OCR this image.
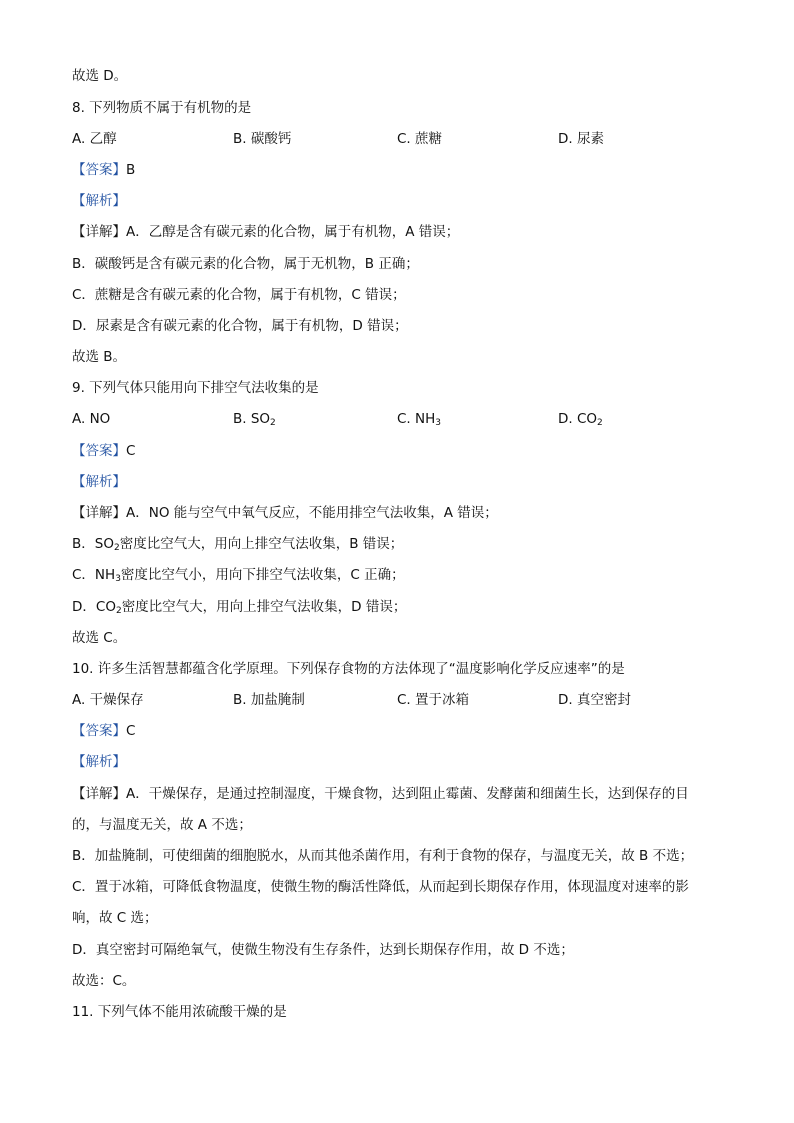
故选 D。
8. 下列物质不属于有机物的是
A. 乙醇	B. 碳酸钙	C. 蔗糖	D. 尿素
【答案】B
【解析】
【详解】A．乙醇是含有碳元素的化合物，属于有机物，A 错误；
B．碳酸钙是含有碳元素的化合物，属于无机物，B 正确；
C．蔗糖是含有碳元素的化合物，属于有机物，C 错误；
D．尿素是含有碳元素的化合物，属于有机物，D 错误；
故选 B。
9. 下列气体只能用向下排空气法收集的是
A. NO	B. $SO_2$	C. $NH_3$	D. $CO_2$
【答案】C
【解析】
【详解】A．NO 能与空气中氧气反应，不能用排空气法收集，A 错误；
B．$SO_2$密度比空气大，用向上排空气法收集，B 错误；
C．$NH_3$密度比空气小，用向下排空气法收集，C 正确；
D．$CO_2$密度比空气大，用向上排空气法收集，D 错误；
故选 C。
10. 许多生活智慧都蕴含化学原理。下列保存食物的方法体现了“温度影响化学反应速率”的是
A. 干燥保存	B. 加盐腌制	C. 置于冰箱	D. 真空密封
【答案】C
【解析】
【详解】A．干燥保存，是通过控制湿度，干燥食物，达到阻止霉菌、发酵菌和细菌生长，达到保存的目
的，与温度无关，故 A 不选；
B．加盐腌制，可使细菌的细胞脱水，从而其他杀菌作用，有利于食物的保存，与温度无关，故 B 不选；
C．置于冰箱，可降低食物温度，使微生物的酶活性降低，从而起到长期保存作用，体现温度对速率的影
响，故 C 选；
D．真空密封可隔绝氧气，使微生物没有生存条件，达到长期保存作用，故 D 不选；
故选：C。
11. 下列气体不能用浓硫酸干燥的是
